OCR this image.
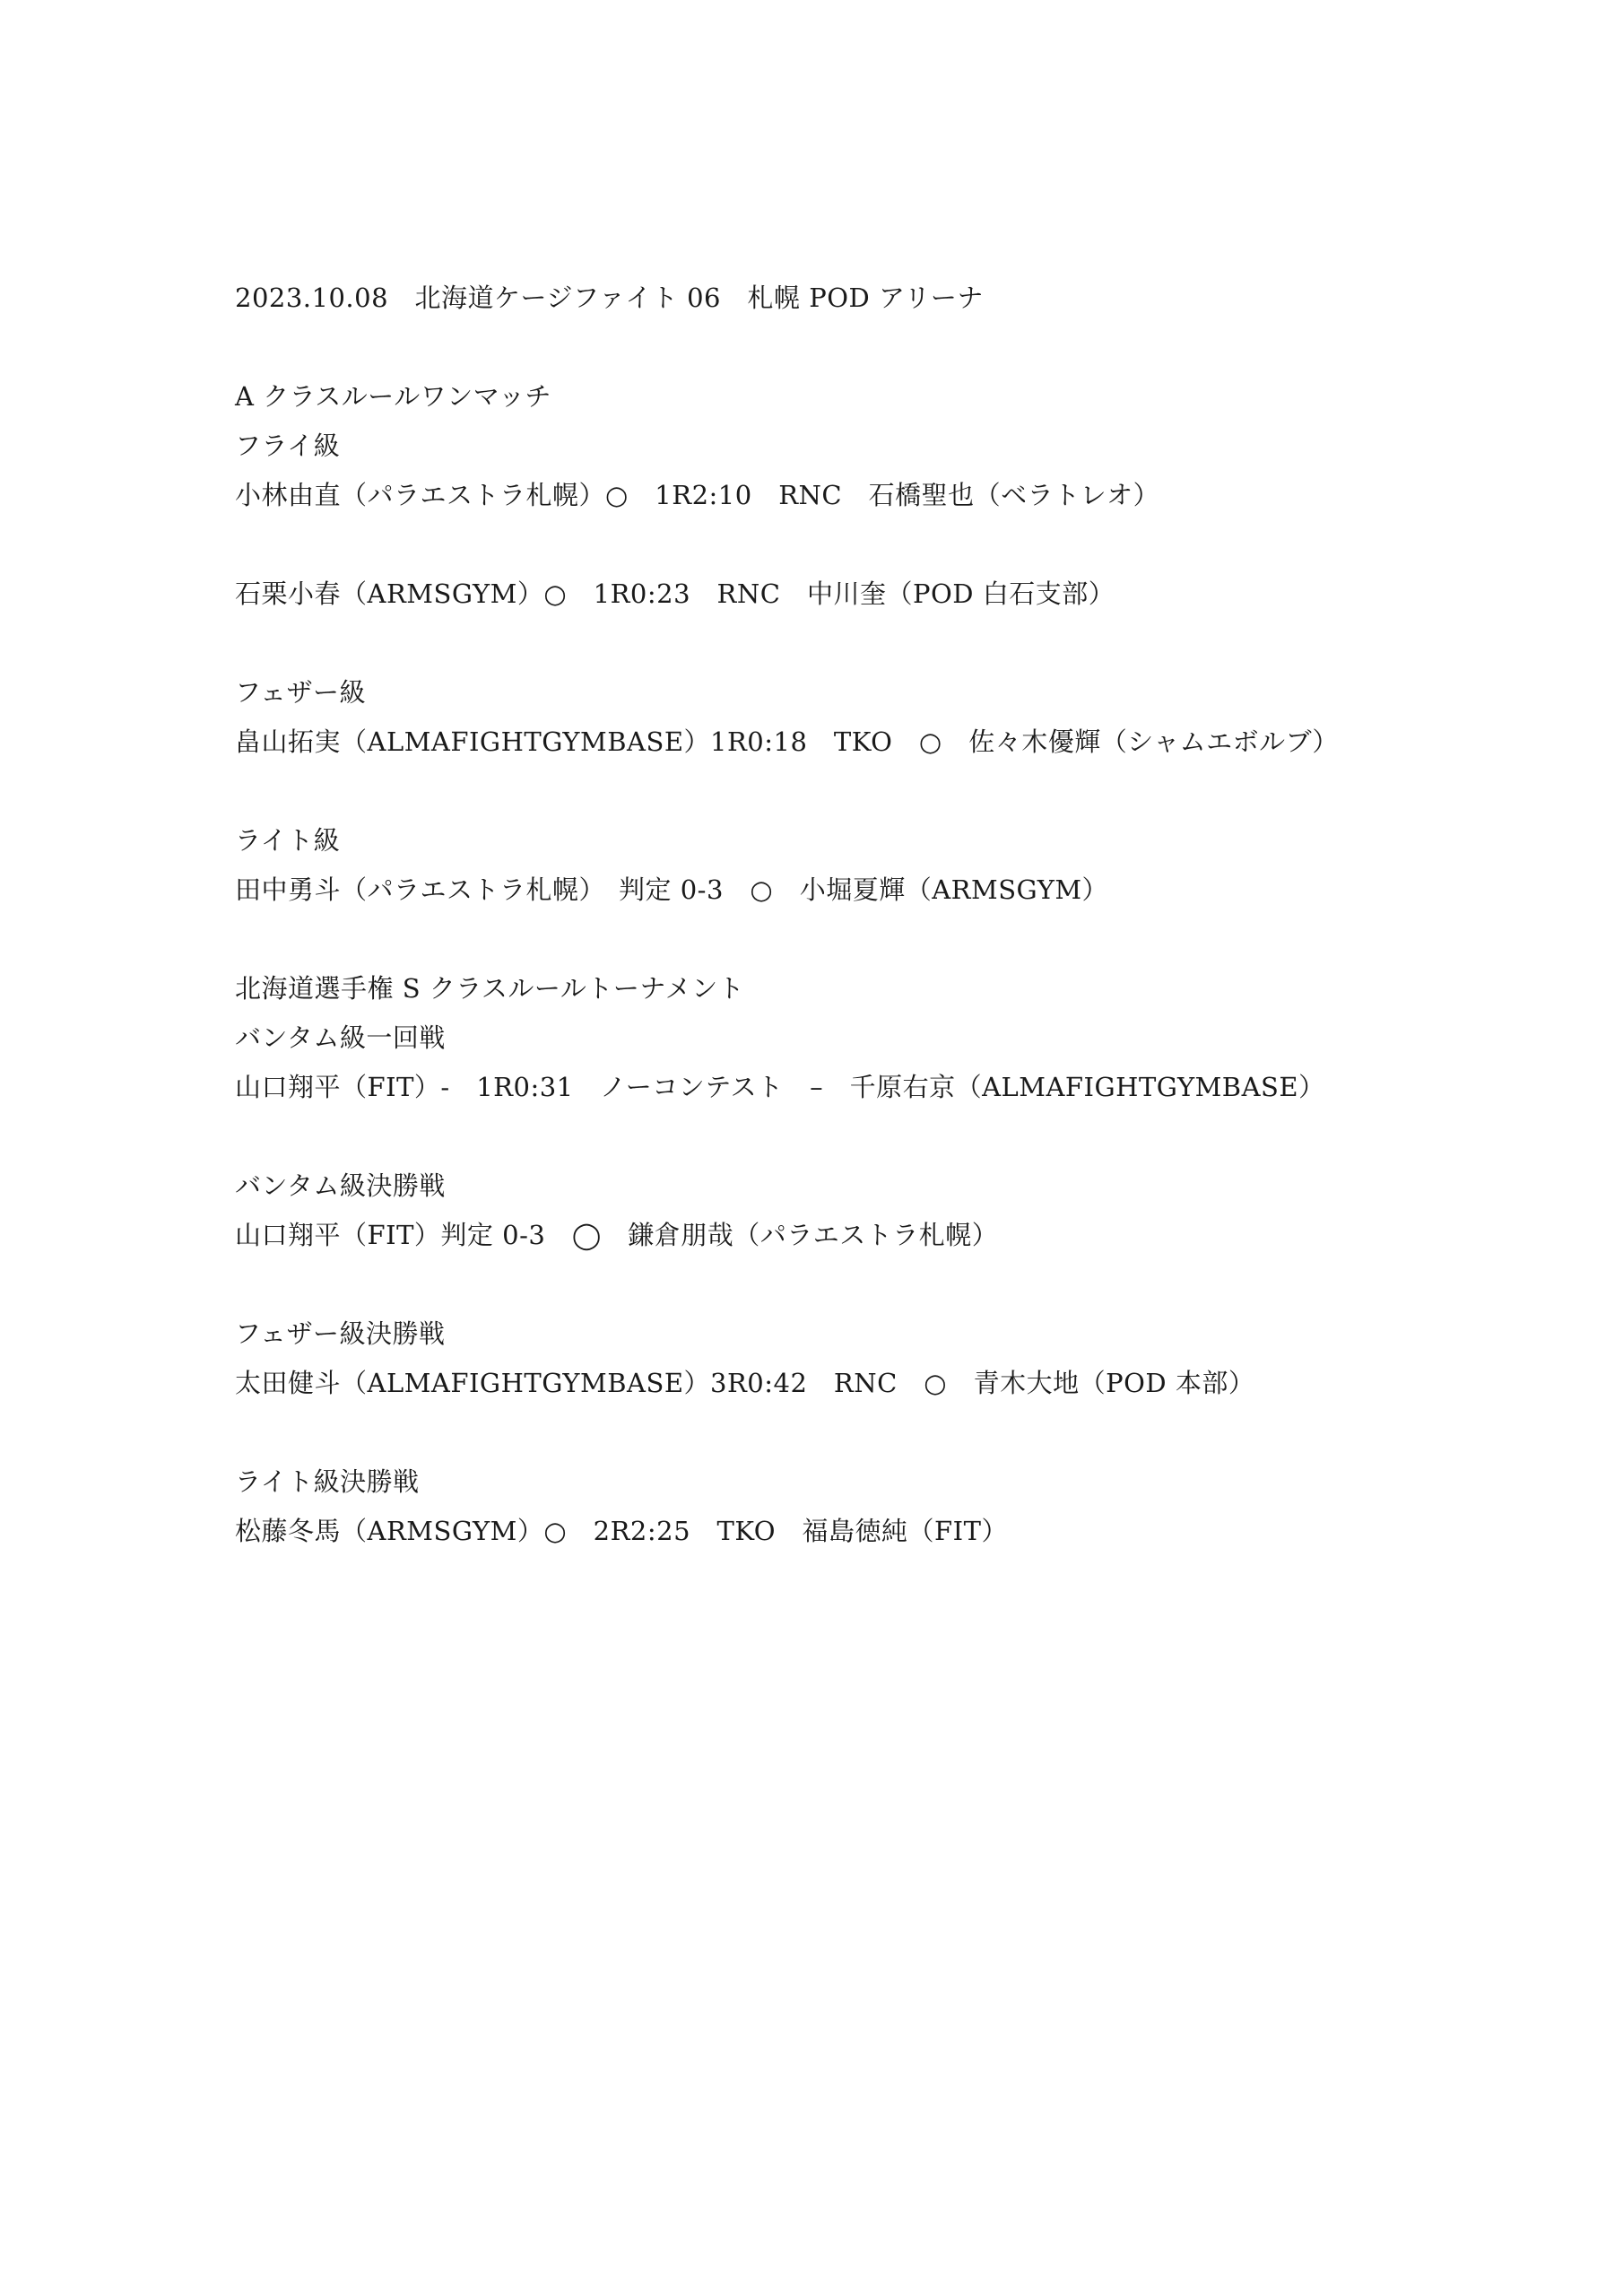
2023.10.08　北海道ケージファイト 06　札幌 POD アリーナ
A クラスルールワンマッチ
フライ級
小林由直（パラエストラ札幌）○　1R2:10　RNC　石橋聖也（ベラトレオ）
石栗小春（ARMSGYM）○　1R0:23　RNC　中川奎（POD 白石支部）
フェザー級
畠山拓実（ALMAFIGHTGYMBASE）1R0:18　TKO　○　佐々木優輝（シャムエボルブ）
ライト級
田中勇斗（パラエストラ札幌）　判定 0-3　○　小堀夏輝（ARMSGYM）
北海道選手権 S クラスルールトーナメント
バンタム級一回戦
山口翔平（FIT）-　1R0:31　ノーコンテスト　–　千原右京（ALMAFIGHTGYMBASE）
バンタム級決勝戦
山口翔平（FIT）判定 0-3　◯　鎌倉朋哉（パラエストラ札幌）
フェザー級決勝戦
太田健斗（ALMAFIGHTGYMBASE）3R0:42　RNC　○　青木大地（POD 本部）
ライト級決勝戦
松藤冬馬（ARMSGYM）○　2R2:25　TKO　福島徳純（FIT）
